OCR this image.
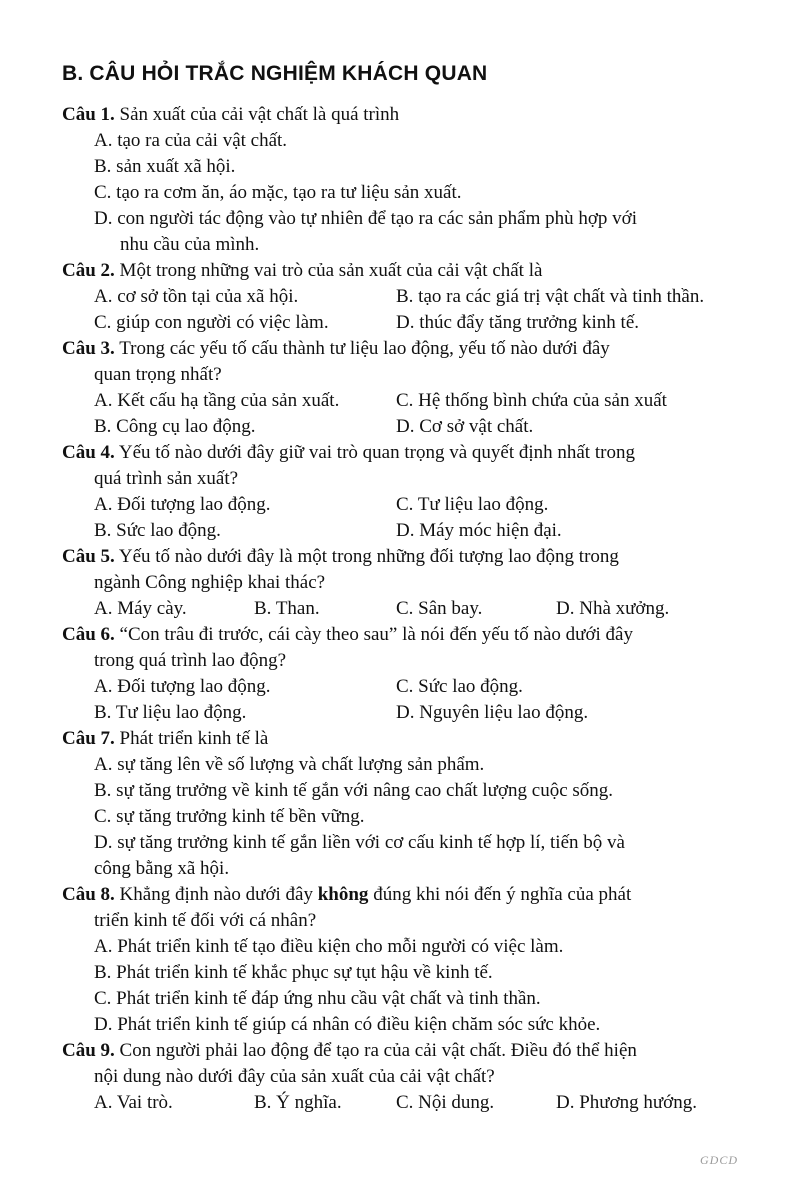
B. CÂU HỎI TRẮC NGHIỆM KHÁCH QUAN
Câu 1. Sản xuất của cải vật chất là quá trình
A. tạo ra của cải vật chất.
B. sản xuất xã hội.
C. tạo ra cơm ăn, áo mặc, tạo ra tư liệu sản xuất.
D. con người tác động vào tự nhiên để tạo ra các sản phẩm phù hợp với
nhu cầu của mình.
Câu 2. Một trong những vai trò của sản xuất của cải vật chất là
A. cơ sở tồn tại của xã hội.	B. tạo ra các giá trị vật chất và tinh thần.
C. giúp con người có việc làm.	D. thúc đẩy tăng trưởng kinh tế.
Câu 3. Trong các yếu tố cấu thành tư liệu lao động, yếu tố nào dưới đây
quan trọng nhất?
A. Kết cấu hạ tầng của sản xuất.	C. Hệ thống bình chứa của sản xuất
B. Công cụ lao động.	D. Cơ sở vật chất.
Câu 4. Yếu tố nào dưới đây giữ vai trò quan trọng và quyết định nhất trong
quá trình sản xuất?
A. Đối tượng lao động.	C. Tư liệu lao động.
B. Sức lao động.	D. Máy móc hiện đại.
Câu 5. Yếu tố nào dưới đây là một trong những đối tượng lao động trong
ngành Công nghiệp khai thác?
A. Máy cày.	B. Than.	C. Sân bay.	D. Nhà xưởng.
Câu 6. “Con trâu đi trước, cái cày theo sau” là nói đến yếu tố nào dưới đây
trong quá trình lao động?
A. Đối tượng lao động.	C. Sức lao động.
B. Tư liệu lao động.	D. Nguyên liệu lao động.
Câu 7. Phát triển kinh tế là
A. sự tăng lên về số lượng và chất lượng sản phẩm.
B. sự tăng trưởng về kinh tế gắn với nâng cao chất lượng cuộc sống.
C. sự tăng trưởng kinh tế bền vững.
D. sự tăng trưởng kinh tế gắn liền với cơ cấu kinh tế hợp lí, tiến bộ và
công bằng xã hội.
Câu 8. Khẳng định nào dưới đây không đúng khi nói đến ý nghĩa của phát
triển kinh tế đối với cá nhân?
A. Phát triển kinh tế tạo điều kiện cho mỗi người có việc làm.
B. Phát triển kinh tế khắc phục sự tụt hậu về kinh tế.
C. Phát triển kinh tế đáp ứng nhu cầu vật chất và tinh thần.
D. Phát triển kinh tế giúp cá nhân có điều kiện chăm sóc sức khỏe.
Câu 9. Con người phải lao động để tạo ra của cải vật chất. Điều đó thể hiện
nội dung nào dưới đây của sản xuất của cải vật chất?
A. Vai trò.	B. Ý nghĩa.	C. Nội dung.	D. Phương hướng.
GDCD
